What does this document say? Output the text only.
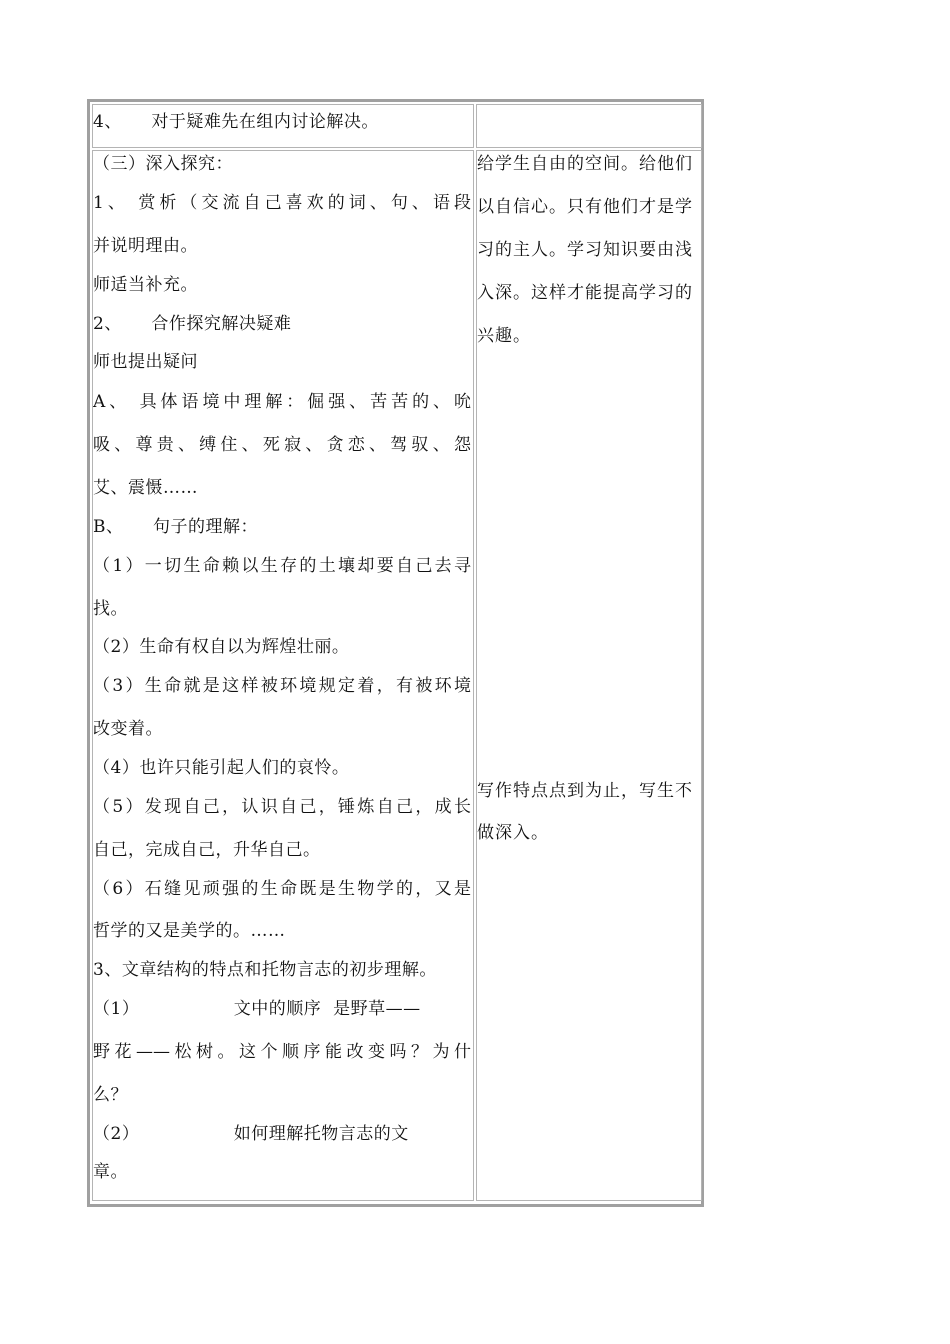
4、     对于疑难先在组内讨论解决。
（三）深入探究：
1、 赏析（交流自己喜欢的词、句、语段
并说明理由。
师适当补充。
2、     合作探究解决疑难
师也提出疑问
A、 具体语境中理解：倔强、苦苦的、吮
吸、尊贵、缚住、死寂、贪恋、驾驭、怨
艾、震慑……
B、     句子的理解：
（1）一切生命赖以生存的土壤却要自己去寻
找。
（2）生命有权自以为辉煌壮丽。
（3）生命就是这样被环境规定着，有被环境
改变着。
（4）也许只能引起人们的哀怜。
（5）发现自己，认识自己，锤炼自己，成长
自己，完成自己，升华自己。
（6）石缝见顽强的生命既是生物学的，又是
哲学的又是美学的。……
3、文章结构的特点和托物言志的初步理解。
（1）                文中的顺序  是野草——
野花——松树。这个顺序能改变吗？为什
么？
（2）                如何理解托物言志的文
章。
给学生自由的空间。给他们
以自信心。只有他们才是学
习的主人。学习知识要由浅
入深。这样才能提高学习的
兴趣。
写作特点点到为止，写生不
做深入。
